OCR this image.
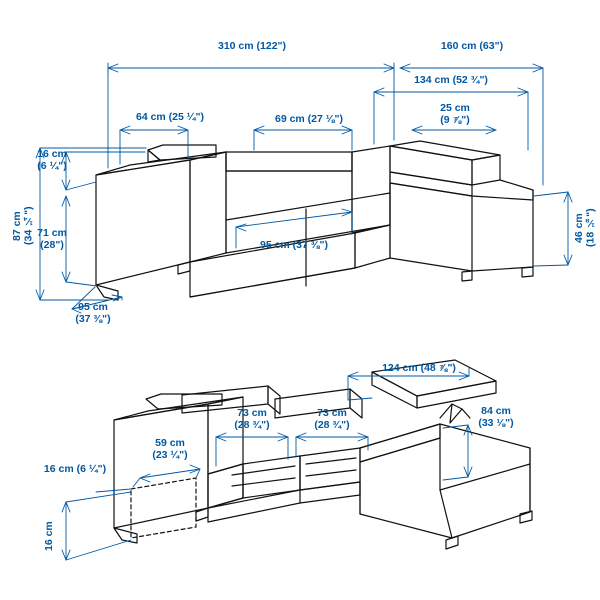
310 cm (122")	160 cm (63")
134 cm (52 ¾")
64 cm (25 ¼")	69 cm (27 ⅛")
25 cm
(9 ⅞")
16 cm
(6 ¼")
71 cm
(28")
87 cm
(34 ¼")
95 cm (37 ⅜")
95 cm
(37 ⅜")
46 cm
(18 ⅛")
124 cm (48 ⅞")
73 cm
(28 ¾")
73 cm
(28 ¾")
84 cm
(33 ⅛")
59 cm
(23 ¼")
16 cm (6 ¼")
16 cm
